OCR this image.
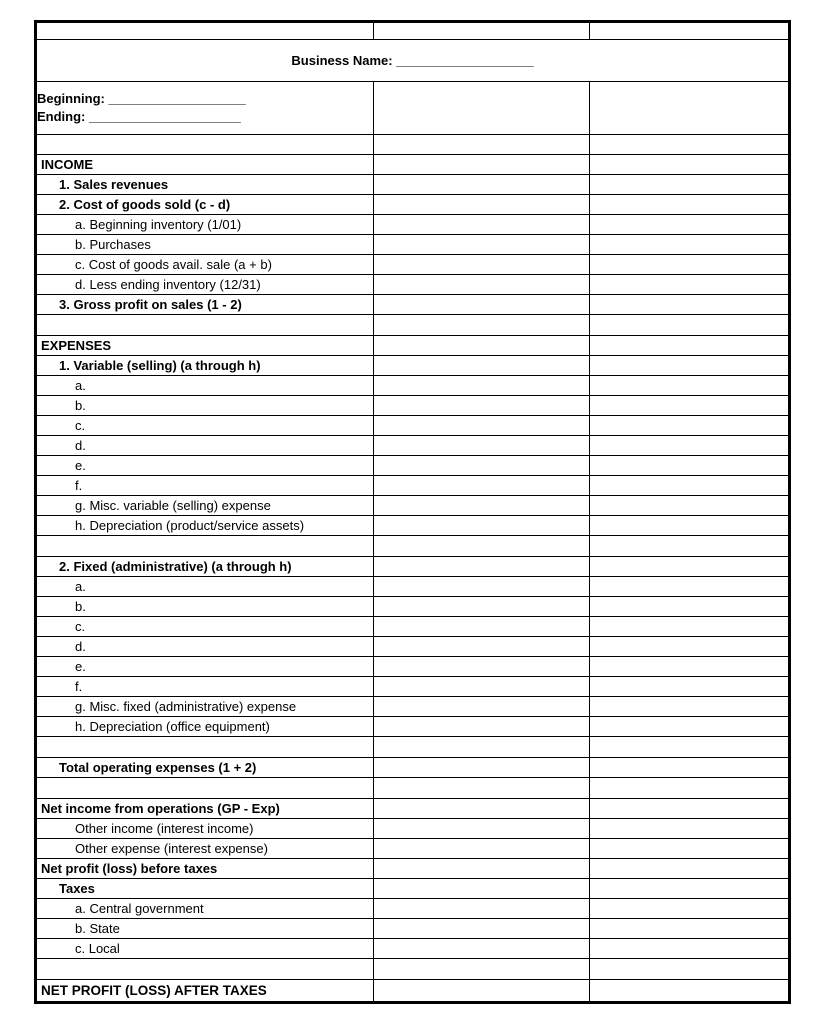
Business Name: ___________________		

Beginning: ___________________
Ending: _____________________		

INCOME		
1. Sales revenues		
2. Cost of goods sold (c - d)		
a. Beginning inventory (1/01)		
b. Purchases		
c. Cost of goods avail. sale (a + b)		
d. Less ending inventory (12/31)		
3. Gross profit on sales (1 - 2)		

EXPENSES		
1. Variable (selling) (a through h)		
a.		
b.		
c.		
d.		
e.		
f.		
g. Misc. variable (selling) expense		
h. Depreciation (product/service assets)		

2. Fixed (administrative) (a through h)		
a.		
b.		
c.		
d.		
e.		
f.		
g. Misc. fixed (administrative) expense		
h. Depreciation (office equipment)		

Total operating expenses (1 + 2)		

Net income from operations (GP - Exp)		
Other income (interest income)		
Other expense (interest expense)		
Net profit (loss) before taxes		
Taxes		
a. Central government		
b. State		
c. Local		

NET PROFIT (LOSS) AFTER TAXES		
